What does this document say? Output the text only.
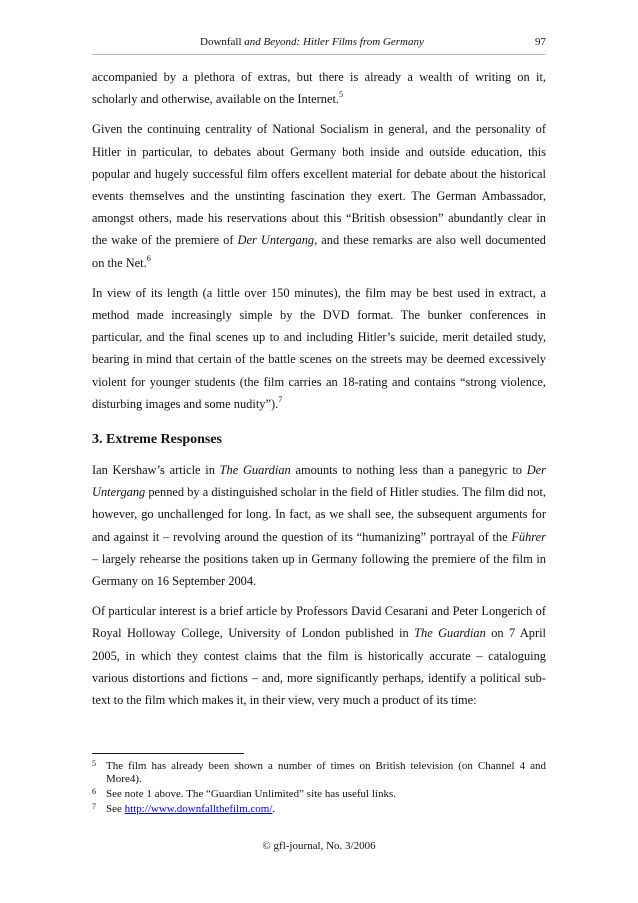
Downfall and Beyond: Hitler Films from Germany	97

accompanied by a plethora of extras, but there is already a wealth of writing on it, scholarly and otherwise, available on the Internet.$^5$

Given the continuing centrality of National Socialism in general, and the personality of Hitler in particular, to debates about Germany both inside and outside education, this popular and hugely successful film offers excellent material for debate about the historical events themselves and the unstinting fascination they exert. The German Ambassador, amongst others, made his reservations about this “British obsession” abundantly clear in the wake of the premiere of Der Untergang, and these remarks are also well documented on the Net.$^6$

In view of its length (a little over 150 minutes), the film may be best used in extract, a method made increasingly simple by the DVD format. The bunker conferences in particular, and the final scenes up to and including Hitler’s suicide, merit detailed study, bearing in mind that certain of the battle scenes on the streets may be deemed excessively violent for younger students (the film carries an 18-rating and contains “strong violence, disturbing images and some nudity”).$^7$

3. Extreme Responses

Ian Kershaw’s article in The Guardian amounts to nothing less than a panegyric to Der Untergang penned by a distinguished scholar in the field of Hitler studies. The film did not, however, go unchallenged for long. In fact, as we shall see, the subsequent arguments for and against it – revolving around the question of its “humanizing” portrayal of the Führer – largely rehearse the positions taken up in Germany following the premiere of the film in Germany on 16 September 2004.

Of particular interest is a brief article by Professors David Cesarani and Peter Longerich of Royal Holloway College, University of London published in The Guardian on 7 April 2005, in which they contest claims that the film is historically accurate – cataloguing various distortions and fictions – and, more significantly perhaps, identify a political sub-text to the film which makes it, in their view, very much a product of its time:

5 The film has already been shown a number of times on British television (on Channel 4 and More4).
6 See note 1 above. The “Guardian Unlimited” site has useful links.
7 See http://www.downfallthefilm.com/.
© gfl-journal, No. 3/2006
